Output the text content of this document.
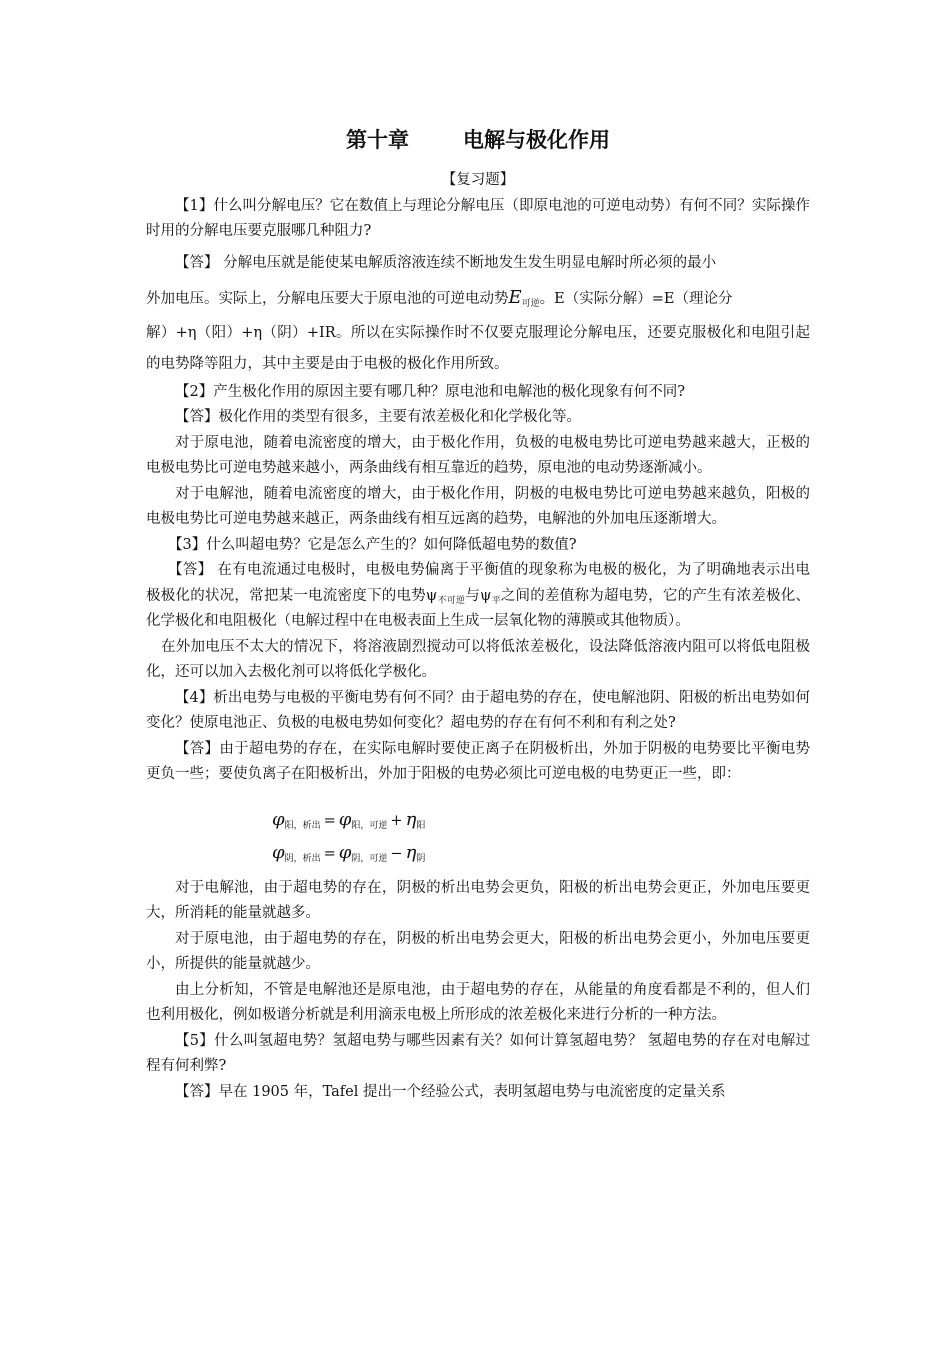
第十章	电解与极化作用

【复习题】

【1】什么叫分解电压？它在数值上与理论分解电压（即原电池的可逆电动势）有何不同？实际操作时用的分解电压要克服哪几种阻力?

【答】 分解电压就是能使某电解质溶液连续不断地发生发生明显电解时所必须的最小

外加电压。实际上，分解电压要大于原电池的可逆电动势$E_{可逆}$。E（实际分解）=E（理论分

解）+η（阳）+η（阴）+IR。所以在实际操作时不仅要克服理论分解电压，还要克服极化和电阻引起的电势降等阻力，其中主要是由于电极的极化作用所致。

【2】产生极化作用的原因主要有哪几种？原电池和电解池的极化现象有何不同?

【答】极化作用的类型有很多，主要有浓差极化和化学极化等。

对于原电池，随着电流密度的增大，由于极化作用，负极的电极电势比可逆电势越来越大，正极的电极电势比可逆电势越来越小，两条曲线有相互靠近的趋势，原电池的电动势逐渐减小。

对于电解池，随着电流密度的增大，由于极化作用，阴极的电极电势比可逆电势越来越负，阳极的电极电势比可逆电势越来越正，两条曲线有相互远离的趋势，电解池的外加电压逐渐增大。

【3】什么叫超电势？它是怎么产生的？如何降低超电势的数值?

【答】 在有电流通过电极时，电极电势偏离于平衡值的现象称为电极的极化，为了明确地表示出电极极化的状况，常把某一电流密度下的电势$\psi_{不可逆}$与$\psi_平$之间的差值称为超电势，它的产生有浓差极化、化学极化和电阻极化（电解过程中在电极表面上生成一层氧化物的薄膜或其他物质）。

在外加电压不太大的情况下，将溶液剧烈搅动可以将低浓差极化，设法降低溶液内阻可以将低电阻极化，还可以加入去极化剂可以将低化学极化。

【4】析出电势与电极的平衡电势有何不同？由于超电势的存在，使电解池阴、阳极的析出电势如何变化？使原电池正、负极的电极电势如何变化？超电势的存在有何不利和有利之处?

【答】由于超电势的存在，在实际电解时要使正离子在阴极析出，外加于阴极的电势要比平衡电势更负一些；要使负离子在阳极析出，外加于阳极的电势必须比可逆电极的电势更正一些，即：

$\varphi_{阳,析出} = \varphi_{阳,可逆} + \eta_阳$
$\varphi_{阴,析出} = \varphi_{阴,可逆} - \eta_阴$

对于电解池，由于超电势的存在，阴极的析出电势会更负，阳极的析出电势会更正，外加电压要更大，所消耗的能量就越多。

对于原电池，由于超电势的存在，阴极的析出电势会更大，阳极的析出电势会更小，外加电压要更小，所提供的能量就越少。

由上分析知，不管是电解池还是原电池，由于超电势的存在，从能量的角度看都是不利的，但人们也利用极化，例如极谱分析就是利用滴汞电极上所形成的浓差极化来进行分析的一种方法。

【5】什么叫氢超电势？氢超电势与哪些因素有关？如何计算氢超电势？ 氢超电势的存在对电解过程有何利弊?

【答】早在 1905 年，Tafel 提出一个经验公式，表明氢超电势与电流密度的定量关系
